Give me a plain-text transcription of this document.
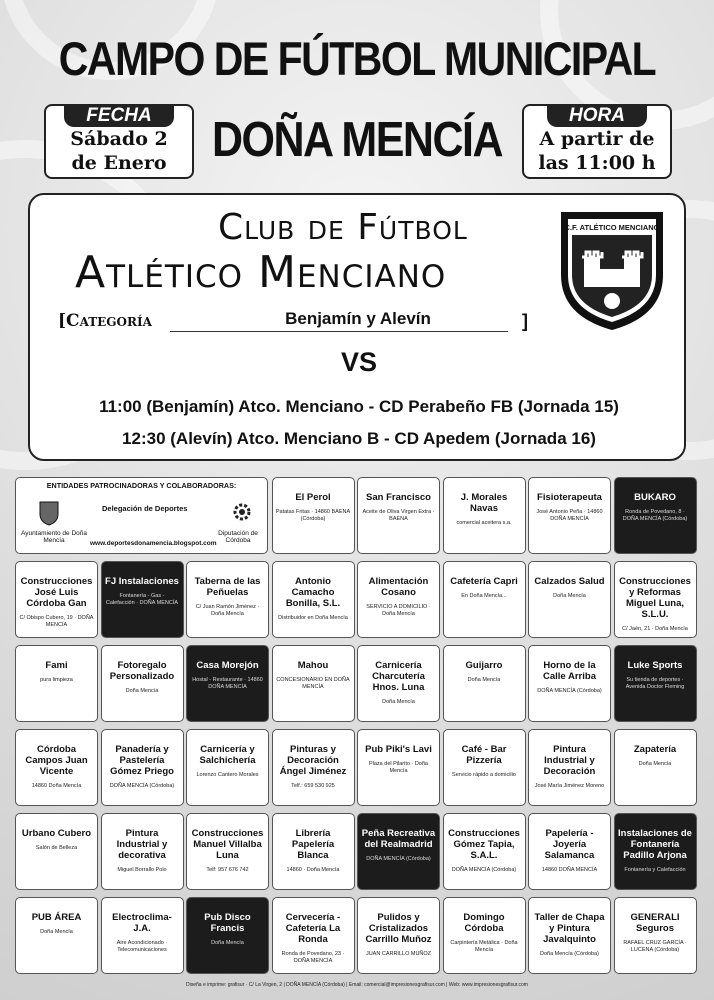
CAMPO DE FÚTBOL MUNICIPAL
DOÑA MENCÍA
FECHA
Sábado 2
de Enero
HORA
A partir de
las 11:00 h
Club de Fútbol
Atlético Menciano
[Categoría	Benjamín y Alevín	]
C.F. ATLÉTICO MENCIANO
VS
11:00 (Benjamín) Atco. Menciano - CD Perabeño FB (Jornada 15)
12:30 (Alevín) Atco. Menciano B - CD Apedem (Jornada 16)
ENTIDADES PATROCINADORAS Y COLABORADORAS:
Ayuntamiento de Doña Mencía
Delegación de Deportes
www.deportesdonamencia.blogspot.com
Diputación de Córdoba
El Perol
Patatas Fritas · 14860 BAENA (Córdoba)
San Francisco
Aceite de Oliva Virgen Extra · BAENA
J. Morales Navas
comercial aceitera s.a.
Fisioterapeuta
José Antonio Peña · 14860 DOÑA MENCÍA
BUKARO
Ronda de Povedano, 8 · DOÑA MENCÍA (Córdoba)
Construcciones José Luis Córdoba Gan
C/ Obispo Cubero, 19 · DOÑA MENCÍA
FJ Instalaciones
Fontanería - Gas - Calefacción · DOÑA MENCÍA
Taberna de las Peñuelas
C/ Juan Ramón Jiménez · Doña Mencía
Antonio Camacho Bonilla, S.L.
Distribuidor en Doña Mencía
Alimentación Cosano
SERVICIO A DOMICILIO · Doña Mencía
Cafetería Capri
En Doña Mencía...
Calzados Salud
Doña Mencía
Construcciones y Reformas Miguel Luna, S.L.U.
C/ Jaén, 21 · Doña Mencía
Fami
pura limpieza
Fotoregalo Personalizado
Doña Mencía
Casa Morejón
Hostal - Restaurante · 14860 DOÑA MENCÍA
Mahou
CONCESIONARIO EN DOÑA MENCÍA
Carnicería Charcutería Hnos. Luna
Doña Mencía
Guijarro
Doña Mencía
Horno de la Calle Arriba
DOÑA MENCÍA (Córdoba)
Luke Sports
Su tienda de deportes · Avenida Doctor Fleming
Córdoba Campos Juan Vicente
14860 Doña Mencía
Panadería y Pastelería Gómez Priego
DOÑA MENCÍA (Córdoba)
Carnicería y Salchichería
Lorenzo Cantero Morales
Pinturas y Decoración Ángel Jiménez
Telf.: 659 530 925
Pub Piki's Lavi
Plaza del Pilarito · Doña Mencía
Café - Bar Pizzería
Servicio rápido a domicilio
Pintura Industrial y Decoración
José María Jiménez Moreno
Zapatería
Doña Mencía
Urbano Cubero
Salón de Belleza
Pintura Industrial y decorativa
Miguel Borrallo Polo
Construcciones Manuel Villalba Luna
Telf: 957 676 742
Librería Papelería Blanca
14860 · Doña Mencía
Peña Recreativa del Realmadrid
DOÑA MENCÍA (Córdoba)
Construcciones Gómez Tapia, S.A.L.
DOÑA MENCÍA (Córdoba)
Papelería - Joyería Salamanca
14860 DOÑA MENCÍA
Instalaciones de Fontanería Padillo Arjona
Fontanería y Calefacción
PUB ÁREA
Doña Mencía
Electroclima-J.A.
Aire Acondicionado · Telecomunicaciones
Pub Disco Francis
Doña Mencía
Cervecería - Cafetería La Ronda
Ronda de Povedano, 23 · DOÑA MENCÍA
Pulidos y Cristalizados Carrillo Muñoz
JUAN CARRILLO MUÑOZ
Domingo Córdoba
Carpintería Metálica · Doña Mencía
Taller de Chapa y Pintura Javalquinto
Doña Mencía (Córdoba)
GENERALI Seguros
RAFAEL CRUZ GARCÍA · LUCENA (Córdoba)
Diseña e imprime: grafisur · C/ La Virgen, 2 | DOÑA MENCÍA (Córdoba) | Email: comercial@impresionesgrafisur.com | Web: www.impresionesgrafisur.com
